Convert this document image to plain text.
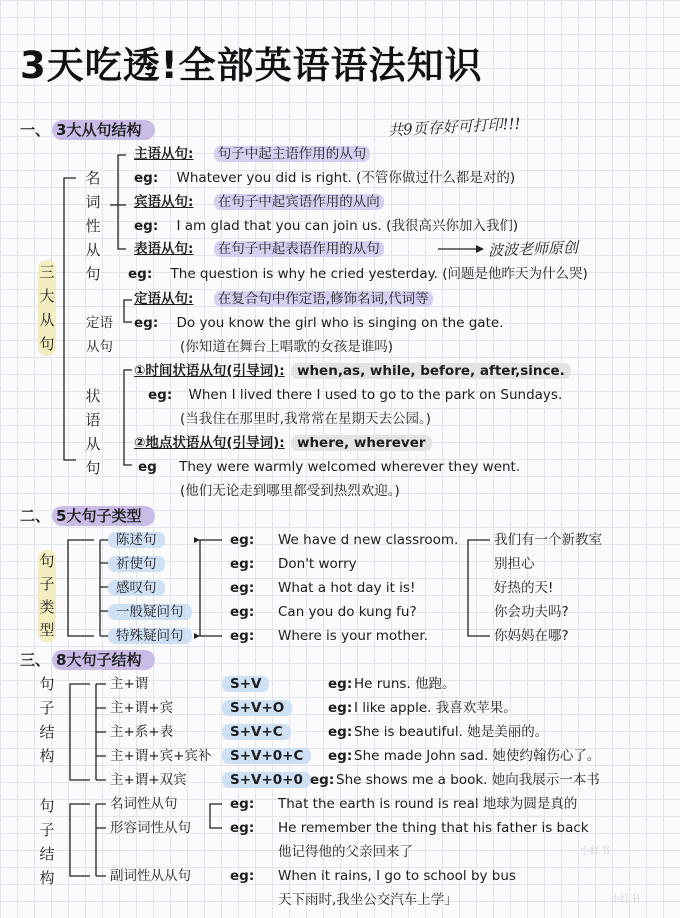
3天吃透!全部英语语法知识
共9页存好可打印!!!
一、 3大从句结构
三大从句
名词性从句
定语
从句
状语从句
主语从句: 句子中起主语作用的从句
eg: Whatever you did is right. (不管你做过什么都是对的)
宾语从句: 在句子中起宾语作用的从向
eg: I am glad that you can join us. (我很高兴你加入我们)
表语从句: 在句子中起表语作用的从句	波波老师原创
eg: The question is why he cried yesterday. (问题是他昨天为什么哭)
定语从句: 在复合句中作定语,修饰名词,代词等
eg: Do you know the girl who is singing on the gate.
(你知道在舞台上唱歌的女孩是谁吗)
①时间状语从句(引导词): when,as, while, before, after,since.
eg: When I lived there I used to go to the park on Sundays.
(当我住在那里时,我常常在星期天去公园。)
②地点状语从句(引导词): where, wherever
eg They were warmly welcomed wherever they went.
(他们无论走到哪里都受到热烈欢迎。)
二、 5大句子类型
句子类型
陈述句	eg: We have d new classroom.	我们有一个新教室
祈使句	eg: Don't worry	别担心
感叹句	eg: What a hot day it is!	好热的天!
一般疑问句	eg: Can you do kung fu?	你会功夫吗?
特殊疑问句	eg: Where is your mother.	你妈妈在哪?
三、 8大句子结构
句子结构
句子结构
主+谓	S+V	eg: He runs. 他跑。
主+谓+宾	S+V+O	eg: I like apple. 我喜欢苹果。
主+系+表	S+V+C	eg: She is beautiful. 她是美丽的。
主+谓+宾+宾补	S+V+0+C	eg: She made John sad. 她使约翰伤心了。
主+谓+双宾	S+V+0+0 eg: She shows me a book. 她向我展示一本书
名词性从句	eg: That the earth is round is real 地球为圆是真的
形容词性从句	eg: He remember the thing that his father is back
他记得他的父亲回来了
副词性从从句	eg: When it rains, I go to school by bus
天下雨时,我坐公交汽车上学」
小红书
小红书
